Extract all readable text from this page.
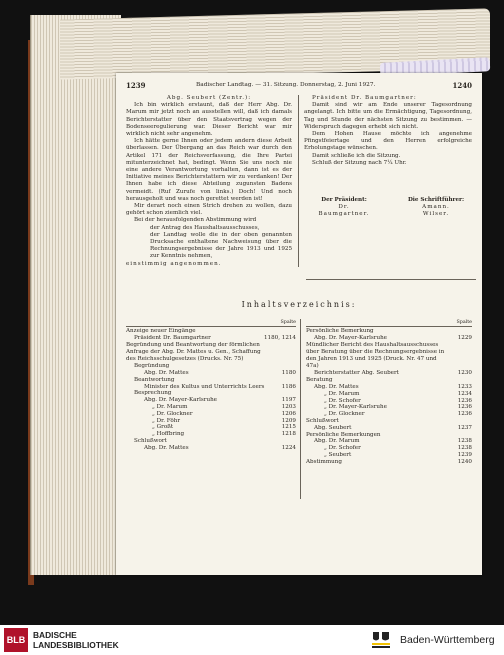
1239	Badischer Landtag. — 31. Sitzung. Donnerstag, 2. Juni 1927.	1240

Abg. Seubert (Zentr.):

Ich bin wirklich erstaunt, daß der Herr Abg. Dr. Marum mir jetzt noch an ausstellen will, daß ich damals Berichterstatter über den Staatsvertrag wegen der Bodenseeregulierung war. Dieser Bericht war mir wirklich nicht sehr angenehm.

Ich hätte gerne Ihnen oder jedem andern diese Arbeit überlassen. Der Übergang an das Reich war durch den Artikel 171 der Reichsverfassung, die Ihre Partei mitunterzeichnet hat, bedingt. Wenn Sie uns noch nie eine andere Verantwortung vorhalten, dann ist es der Initiative meines Berichterstattern wir zu verdanken! Der Ihnen habe ich diese Abteilung zugunsten Badens vermeidt. (Ruf Zurufe von links.) Doch! Und noch herausgeholt und was noch gerettet werden ist!

Mir derart noch einen Strich drehen zu wollen, dazu gehört schon ziemlich viel.

Bei der herausfolgenden Abstimmung wird

der Antrag des Haushaltsausschusses,

der Landtag wolle die in der oben genannten Drucksache enthaltene Nachweisung über die Rechnungsergebnisse der Jahre 1913 und 1925 zur Kenntnis nehmen,

einstimmig angenommen.

Präsident Dr. Baumgartner:

Damit sind wir am Ende unserer Tagesordnung angelangt. Ich bitte um die Ermächtigung, Tagesordnung, Tag und Stunde der nächsten Sitzung zu bestimmen. — Widerspruch dagegen erhebt sich nicht.

Dem Hohen Hause möchte ich angenehme Pfingstfeiertage und den Herren erfolgreiche Erholungstage wünschen.

Damit schließe ich die Sitzung.

Schluß der Sitzung nach 7¼ Uhr.

Der Präsident:
Dr. Baumgartner.
Die Schriftführer:
Amann.
Wilser.
Inhaltsverzeichnis:
Spalte
Anzeige neuer Eingänge
Präsident Dr. Baumgartner	1180, 1214
Begründung und Beantwortung der förmlichen Anfrage der Abg. Dr. Mattes u. Gen., Schaffung des Reichsschulgesetzes (Drucks. Nr. 75)
Begründung
Abg. Dr. Mattes	1180
Beantwortung
Minister des Kultus und Unterrichts Leers	1186
Besprechung
Abg. Dr. Mayer-Karlsruhe	1197
„ Dr. Marum	1203
„ Dr. Glockner	1206
„ Dr. Föhr	1209
„ Großt	1215
„ Hoffbring	1218
Schlußwort
Abg. Dr. Mattes	1224
Spalte
Persönliche Bemerkung
Abg. Dr. Mayer-Karlsruhe	1229
Mündlicher Bericht des Haushaltsausschusses über Beratung über die Rechnungsergebnisse in den Jahren 1913 und 1925 (Druck. Nr. 47 und 47a)
Berichterstatter Abg. Seubert	1230
Beratung
Abg. Dr. Mattes	1233
„ Dr. Marum	1234
„ Dr. Schofer	1236
„ Dr. Mayer-Karlsruhe	1236
„ Dr. Glockner	1236
Schlußwort
Abg. Seubert	1237
Persönliche Bemerkungen
Abg. Dr. Marum	1238
„ Dr. Schofer	1238
„ Seubert	1239
Abstimmung	1240
BLB BADISCHE
LANDESBIBLIOTHEK	Baden-Württemberg
